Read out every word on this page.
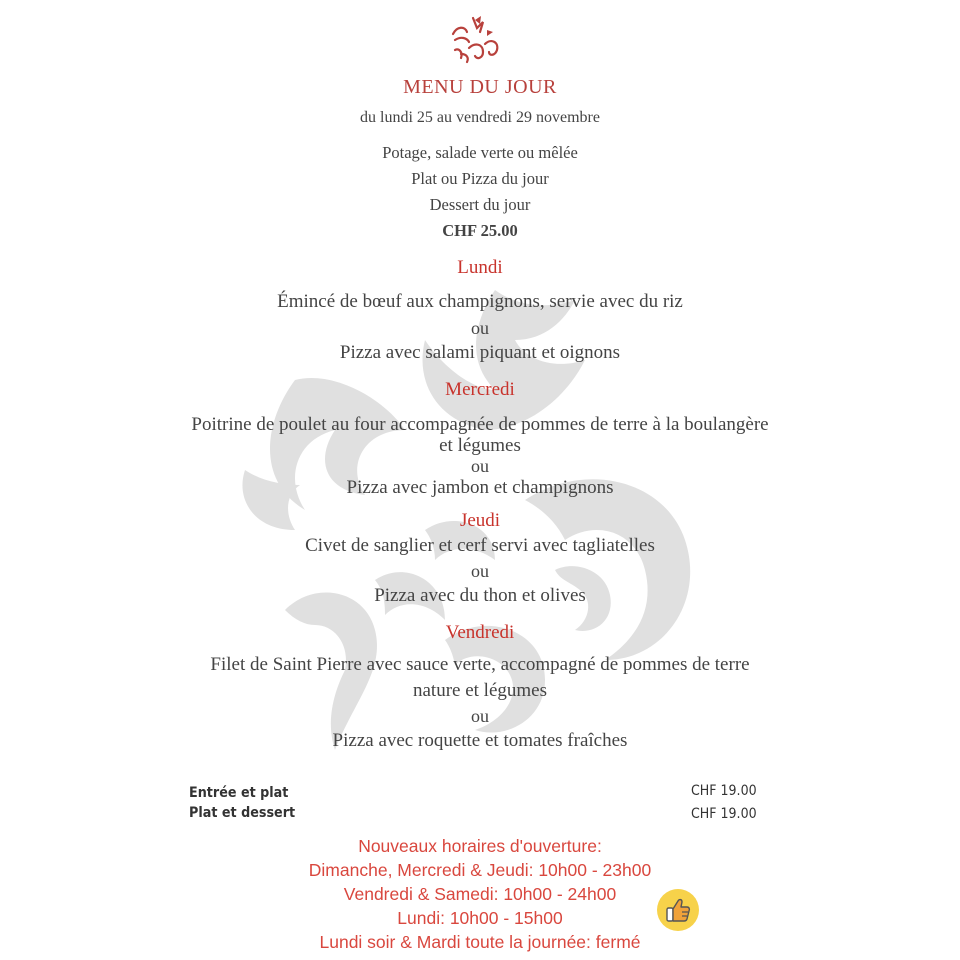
MENU DU JOUR
du lundi 25 au vendredi 29 novembre
Potage, salade verte ou mêlée
Plat ou Pizza du jour
Dessert du jour
CHF 25.00
Lundi
Émincé de bœuf aux champignons, servie avec du riz
ou
Pizza avec salami piquant et oignons
Mercredi
Poitrine de poulet au four accompagnée de pommes de terre à la boulangère
et légumes
ou
Pizza avec jambon et champignons
Jeudi
Civet de sanglier et cerf servi avec tagliatelles
ou
Pizza avec du thon et olives
Vendredi
Filet de Saint Pierre avec sauce verte, accompagné de pommes de terre
nature et légumes
ou
Pizza avec roquette et tomates fraîches
Entrée et plat	CHF 19.00
Plat et dessert	CHF 19.00
Nouveaux horaires d'ouverture:
Dimanche, Mercredi & Jeudi: 10h00 - 23h00
Vendredi & Samedi: 10h00 - 24h00
Lundi: 10h00 - 15h00
Lundi soir & Mardi toute la journée: fermé
